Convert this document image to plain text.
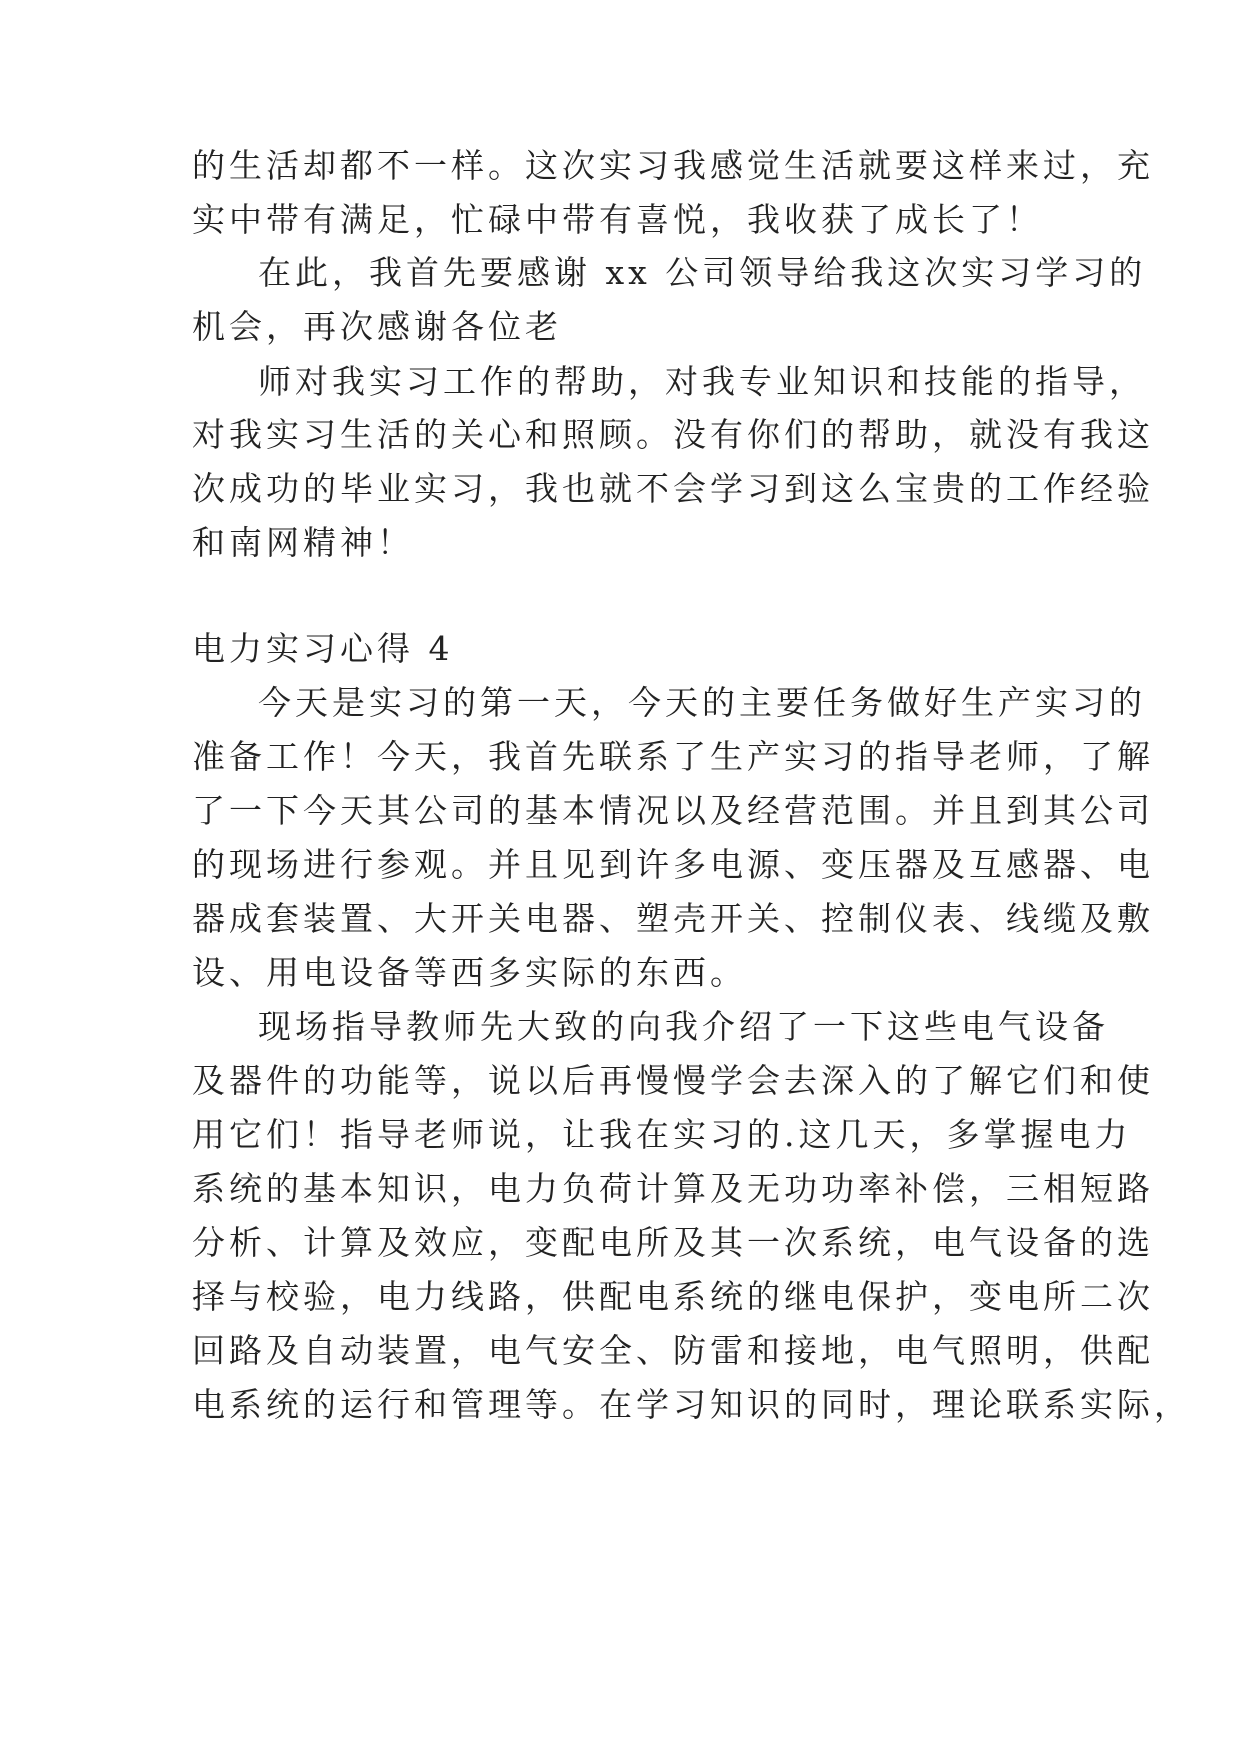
的生活却都不一样。这次实习我感觉生活就要这样来过，充
实中带有满足，忙碌中带有喜悦，我收获了成长了！
在此，我首先要感谢 xx 公司领导给我这次实习学习的
机会，再次感谢各位老
师对我实习工作的帮助，对我专业知识和技能的指导，
对我实习生活的关心和照顾。没有你们的帮助，就没有我这
次成功的毕业实习，我也就不会学习到这么宝贵的工作经验
和南网精神！
电力实习心得 4
今天是实习的第一天，今天的主要任务做好生产实习的
准备工作！今天，我首先联系了生产实习的指导老师，了解
了一下今天其公司的基本情况以及经营范围。并且到其公司
的现场进行参观。并且见到许多电源、变压器及互感器、电
器成套装置、大开关电器、塑壳开关、控制仪表、线缆及敷
设、用电设备等西多实际的东西。
现场指导教师先大致的向我介绍了一下这些电气设备
及器件的功能等，说以后再慢慢学会去深入的了解它们和使
用它们！指导老师说，让我在实习的.这几天，多掌握电力
系统的基本知识，电力负荷计算及无功功率补偿，三相短路
分析、计算及效应，变配电所及其一次系统，电气设备的选
择与校验，电力线路，供配电系统的继电保护，变电所二次
回路及自动装置，电气安全、防雷和接地，电气照明，供配
电系统的运行和管理等。在学习知识的同时，理论联系实际，
